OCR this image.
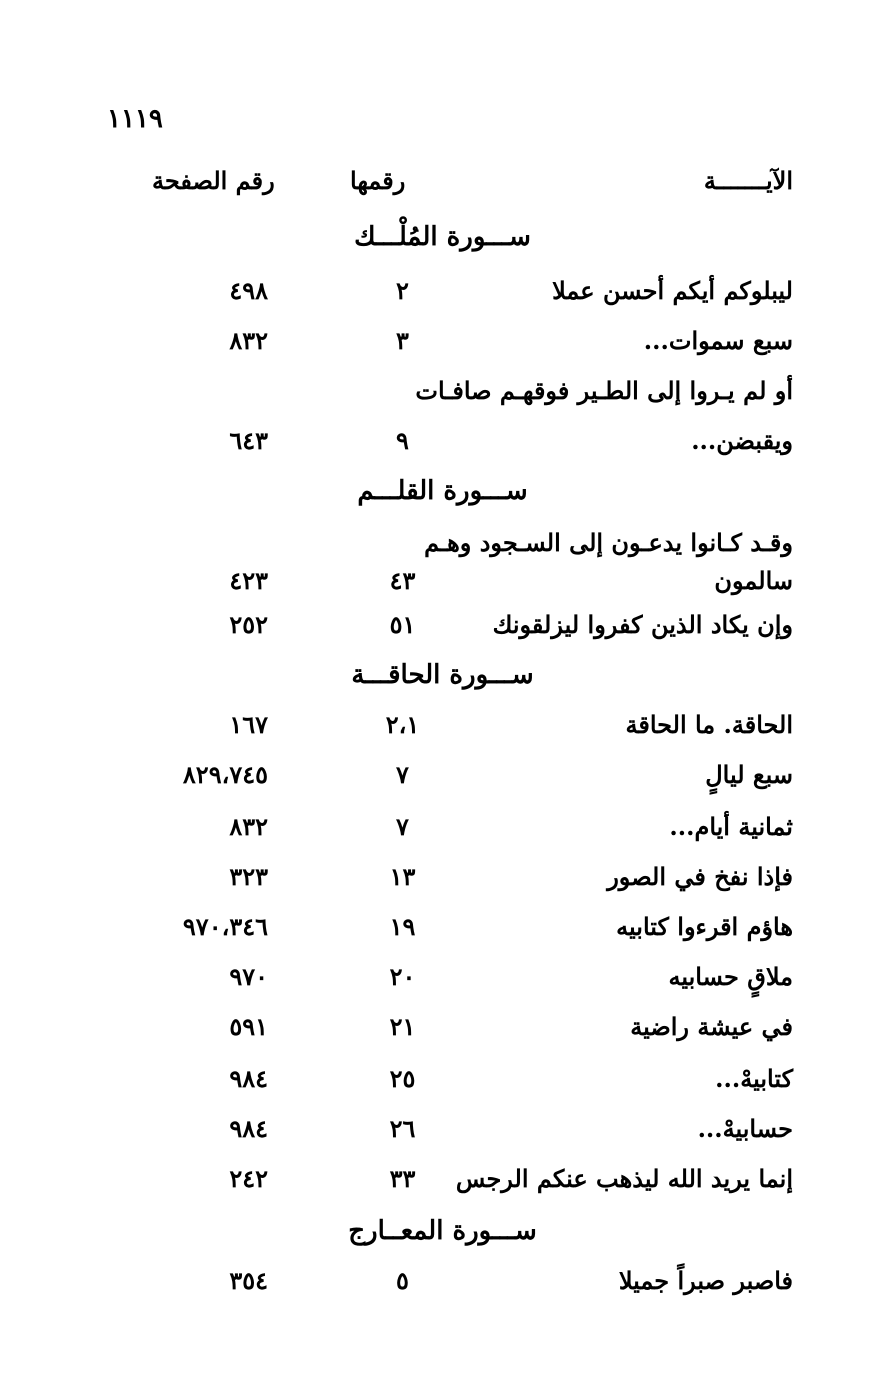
١١١٩
الآيـــــــة
رقمها
رقم الصفحة
ســـورة المُلْـــك
ليبلوكم أيكم أحسن عملا
٢
٤٩٨
سبع سموات...
٣
٨٣٢
أو لم يـروا إلى الطـير فوقهـم صافـات
ويقبضن...
٩
٦٤٣
ســـورة القلـــم
وقـد كـانوا يدعـون إلى السـجود وهـم
سالمون
٤٣
٤٢٣
وإن يكاد الذين كفروا ليزلقونك
٥١
٢٥٢
ســـورة الحاقـــة
الحاقة. ما الحاقة
٢،١
١٦٧
سبع ليالٍ
٧
٨٢٩،٧٤٥
ثمانية أيام...
٧
٨٣٢
فإذا نفخ في الصور
١٣
٣٢٣
هاؤم اقرءوا كتابيه
١٩
٩٧٠،٣٤٦
ملاقٍ حسابيه
٢٠
٩٧٠
في عيشة راضية
٢١
٥٩١
كتابيهْ...
٢٥
٩٨٤
حسابيهْ...
٢٦
٩٨٤
إنما يريد الله ليذهب عنكم الرجس
٣٣
٢٤٢
ســـورة المعــارج
فاصبر صبراً جميلا
٥
٣٥٤
